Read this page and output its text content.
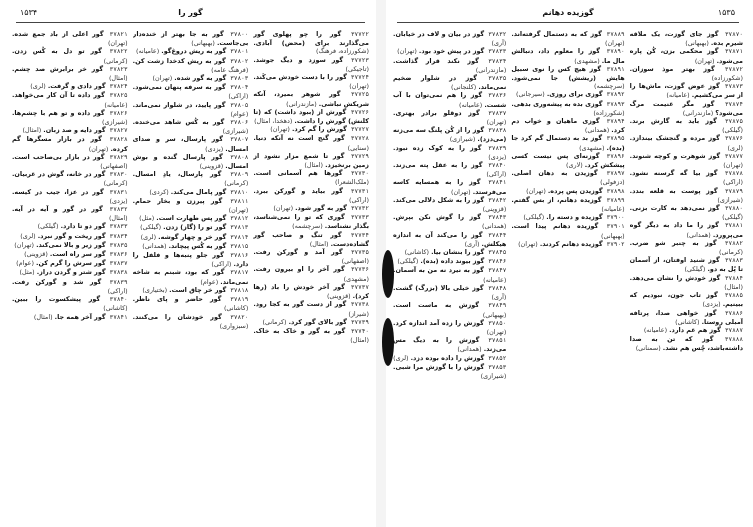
۱۵۳۴	گور را

۳۷۷۲۲ گور را چو پهلوی گور می‌گذارند برای (محض) آبادی. (شکورزاده، فرهنگ)

۳۷۷۲۳ گور سوزد و دیگ جوشد. (تاجیکی)

۳۷۷۲۴ گور را با دست خودش می‌کَند. (تهران)

۳۷۷۲۵ گور شوهر بمیرد، آنکه شریکش نباشی. (مازندرانی)

۳۷۷۲۶ گورش از (ببود داشت) که (تا کلنش) گورش را داشت. (دهخدا، امثال)

۳۷۷۲۷ گورش را گم کرد. (تهران)

۳۷۷۲۸ گور گنج است نه آنکه دنیا. (سنایی)

۳۷۷۲۹ گور تا شمع مزار نشود از زمین برنخیزد. (امثال)

۳۷۷۳۰ گورها هم آسمانی است. (ملک‌الشعرا)

۳۷۷۳۱ گور بیاید و گورکن ببرد. (اراکی)

۳۷۷۳۲ گور به گور شود. (تهران)

۳۷۷۳۳ گوری که تو را نمی‌شناسد، بگذار نشناسد. (سرچشمه)

۳۷۷۳۴ گور تنگ و صاحب گور گشاده‌دست. (امثال)

۳۷۷۳۵ گور آمد و گورکن رفت. (اصفهانی)

۳۷۷۳۶ گور آخر را او بیرون رفت. (مشهدی)

۳۷۷۳۷ گور آخر خودش را باد (رها کرد). (قزوینی)

۳۷۷۳۸ گور از دست گور به کجا رود. (شیراز)

۳۷۷۳۹ گور بالای گور کرد. (کرمانی)

۳۷۷۴۰ گور به گور و خاک به خاک. (امثال)

۳۷۸۰۰ گور به جا بهتر از خنده‌دار بی‌جاست. (بهبهانی)

۳۷۸۰۱ گور به ریش دروغ‌گو. (عامیانه)

۳۷۸۰۲ گور به ریش کدخدا زشت کن. (فرهنگ عامه)

۳۷۸۰۳ گور به گور شده. (تهران)

۳۷۸۰۴ گور به سرفه پنهان نمی‌شود. (اراکی)

۳۷۸۰۵ گور پایید، در شلوار نمی‌ماند. (عوام)

۳۷۸۰۶ گور به کُس شاهد می‌خنده. (شیرازی)

۳۷۸۰۷ گور پارسال، سر و صدای امسال. (یزدی)

۳۷۸۰۸ گور پارسال گنده و بوش امسال. (قزوینی)

۳۷۸۰۹ گور پارسال، یادِ امسال. (کرمانی)

۳۷۸۱۰ گور پامال می‌کند. (کردی)

۳۷۸۱۱ گور پیرزن و بخار حمام. (تهران)

۳۷۸۱۲ گور پس طهارت است. (مثل)

۳۷۸۱۳ گور تو را (گاز) زدن. (گیلکی)

۳۷۸۱۴ گور خر و چهار گوشه. (لری)

۳۷۸۱۵ گور به کُس پیچاند. (همدانی)

۳۷۸۱۶ گور جلو پنبه‌ها و فلفل را دارد. (اراکی)

۳۷۸۱۷ گور که بود، شبنم به شاخه نمی‌ماند. (عوام)

۳۷۸۱۸ گور خر چاق است. (بختیاری)

۳۷۸۱۹ گور حاضر و پای ناظر. (کاشانی)

۳۷۸۲۰ گور خودشان را می‌کنند. (سبزواری)

۳۷۸۲۱ گور اعلی از باد جمع شده. (تهران)

۳۷۸۲۲ گور تو دل به کُس زدن. (کرمانی)

۳۷۸۲۳ گور خر برابرش صد چشم. (امثال)

۳۷۸۲۴ گور دادی و گرفت. (لری)

۳۷۸۲۵ گور داده تا آن کار می‌خواهد. (عامیانه)

۳۷۸۲۶ گور داده و تو هم با چشم‌ها. (شیرازی)

۳۷۸۲۷ گور دایه و صد زبان. (امثال)

۳۷۸۲۸ گور در بازار مسگرها گم کرده. (تهران)

۳۷۸۲۹ گور در بازار بی‌صاحب است. (اصفهانی)

۳۷۸۳۰ گور در خانه، گوش در غربیان. (کرمانی)

۳۷۸۳۱ گور در عزا، جیب در کیسه. (یزدی)

۳۷۸۳۲ گور در گور و آیه در آیه. (امثال)

۳۷۸۳۳ گور دو تا دارد. (گیلکی)

۳۷۸۳۴ گور ریخت و گور نبرد. (لری)

۳۷۸۳۵ گور زیر و بالا نمی‌کند. (تهران)

۳۷۸۳۶ گور سر راه است. (قزوینی)

۳۷۸۳۷ گور سرش را گرم کن. (عوام)

۳۷۸۳۸ گور شتر و گردن دراز. (مثل)

۳۷۸۳۹ گور شد و گورکن رفت. (اراکی)

۳۷۸۴۰ گور پیشکسوت را ببین. (کاشانی)

۳۷۸۴۱ گور آخر همه جا. (امثال)

۱۵۳۵
گوزیده دهانم

۳۷۸۷۰ گوز جای گوزت، یک ملاقه شیرم بده. (بهبهانی)

۳۷۸۷۱ گوز محکمی بزن، کُن پاره می‌شود. (تهران)

۳۷۸۷۲ گوز بهتر موذ سوزان. (شکورزاده)

۳۷۸۷۳ گوز عوض گوزت، ماش‌ها را از سر می‌کشیم. (عامیانه)

۳۷۸۷۴ گوز مگر غنیمت مرگ می‌شود؟ (مازندرانی)

۳۷۸۷۵ گوز باید به گارش برند. (گیلکی)

۳۷۸۷۶ گوز مرده و گنجشک بیندازد. (لری)

۳۷۸۷۷ گوز شوهرت و کوچه شنوند. (تهران)

۳۷۸۷۸ گوز بیا گه گرسنه نشود. (اراکی)

۳۷۸۷۹ گوز پوست به قلعه بندد. (شیرازی)

۳۷۸۸۰ گوز نمی‌دهد به کارت بزنی. (گیلکی)

۳۷۸۸۱ گوز را ما داد به دیگر گوه می‌پرورد. (همدانی)

۳۷۸۸۲ گوز به چنبر شو ضرب. (کرمانی)

۳۷۸۸۳ گوز شنید اوفتان، از آسمان تا پُل به دو. (گیلکی)

۳۷۸۸۴ گوز خودش را نشان می‌دهد. (امثال)

۳۷۸۸۵ گوز تاب جون، نبودیم که ببینیم. (یزدی)

۳۷۸۸۶ گوز خواهی صدا، پرتافه آمبلی روستا. (کاشانی)

۳۷۸۸۷ گوز هم غم دارد. (عامیانه)

۳۷۸۸۸ گوز که تن به صدا داشته‌باشد، چُس هم نشد. (سمنانی)

۳۷۸۸۹ گوز که به دستمال گرفته‌اند. (تهران)

۳۷۸۹۰ گوز را معلوم داد، دنبالش مال ما. (مشهدی)

۳۷۸۹۱ گوز هیچ کس را نوی سبیل هایش (ریشش) جا نمی‌شود. (سرچشمه)

۳۷۸۹۲ گوزی برای روزی. (سیرجانی)

۳۷۸۹۳ گوزی بده به پیشه‌وری بدهی. (شکورزاده)

۳۷۸۹۴ گوزی ماهیان و خواب دم کرد. (همدانی)

۳۷۸۹۵ گوز بد به دستمال گم کرد جا (بده). (مشهدی)

۳۷۸۹۶ گوزنه‌ای پس نیست کسی پیشکش کرد. (لاری)

۳۷۸۹۷ گوزیدن به دهان اصلی. (دزفولی)

۳۷۸۹۸ گوزیدن پس پرده. (تهران)

۳۷۸۹۹ گوزیده دهانم، از بس گفتم. (عامیانه)

۳۷۹۰۰ گوزیده و دسته را. (گیلکی)

۳۷۹۰۱ گوزیده دهانم پیدا است. (بهبهانی)

۳۷۹۰۲ گوزیده دهانم کردند. (تهران)

۳۷۸۳۲ گوز در بیان و لاف در خیابان. (آری)

۳۷۸۳۳ گوز در پیش خود بود. (تهران)

۳۷۸۳۴ گوز نکند قرار گذاشت. (مازندرانی)

۳۷۸۳۵ گوز در شلوار ضخیم نمی‌ماند. (کلنجانی)

۳۷۸۳۶ گوز را هم نمی‌توان با آب شست. (عامیانه)

۳۷۸۳۷ گوز دوقلو برادر بهتری. (تهران)

۳۷۸۳۸ گوز را از کُن پلنگ سه می‌زنه (می‌دزد). (شیرازی)

۳۷۸۳۹ گوز را به کوک زده نبود. (یزدی)

۳۷۸۴۰ گوز را به عقل پته می‌زند. (اراکی)

۳۷۸۴۱ گوز را به همسایه کاسه می‌فرستد. (تهران)

۳۷۸۴۲ گوز را به شکل دلالی می‌کند. (قزوینی)

۳۷۸۴۳ گوز را گوش نکن بپرش. (همدانی)

۳۷۸۴۴ گوز را می‌کند آن به اندازه هیکلش. (آری)

۳۷۸۴۵ گوز را بنشان بیا. (کاشانی)

۳۷۸۴۶ گوز بیوند داده (بده). (گیلکی)

۳۷۸۴۷ گوز به نیرد نه من به آسمان. (عامیانه)

۳۷۸۴۸ گوز خیلی بالا (بزرگ) گشت. (آری)

۳۷۸۴۹ گوزش به ماست است. (بهبهانی)

۳۷۸۵۰ گوزش را زده آمد اندازه کرد. (تهران)

۳۷۸۵۱ گوزش را به دیگ مس می‌زند. (همدانی)

۳۷۸۵۲ گوزش را داده بوده دزد. (لری)

۳۷۸۵۳ گوزش را با گوزش مرا شبی. (شیرازی)
